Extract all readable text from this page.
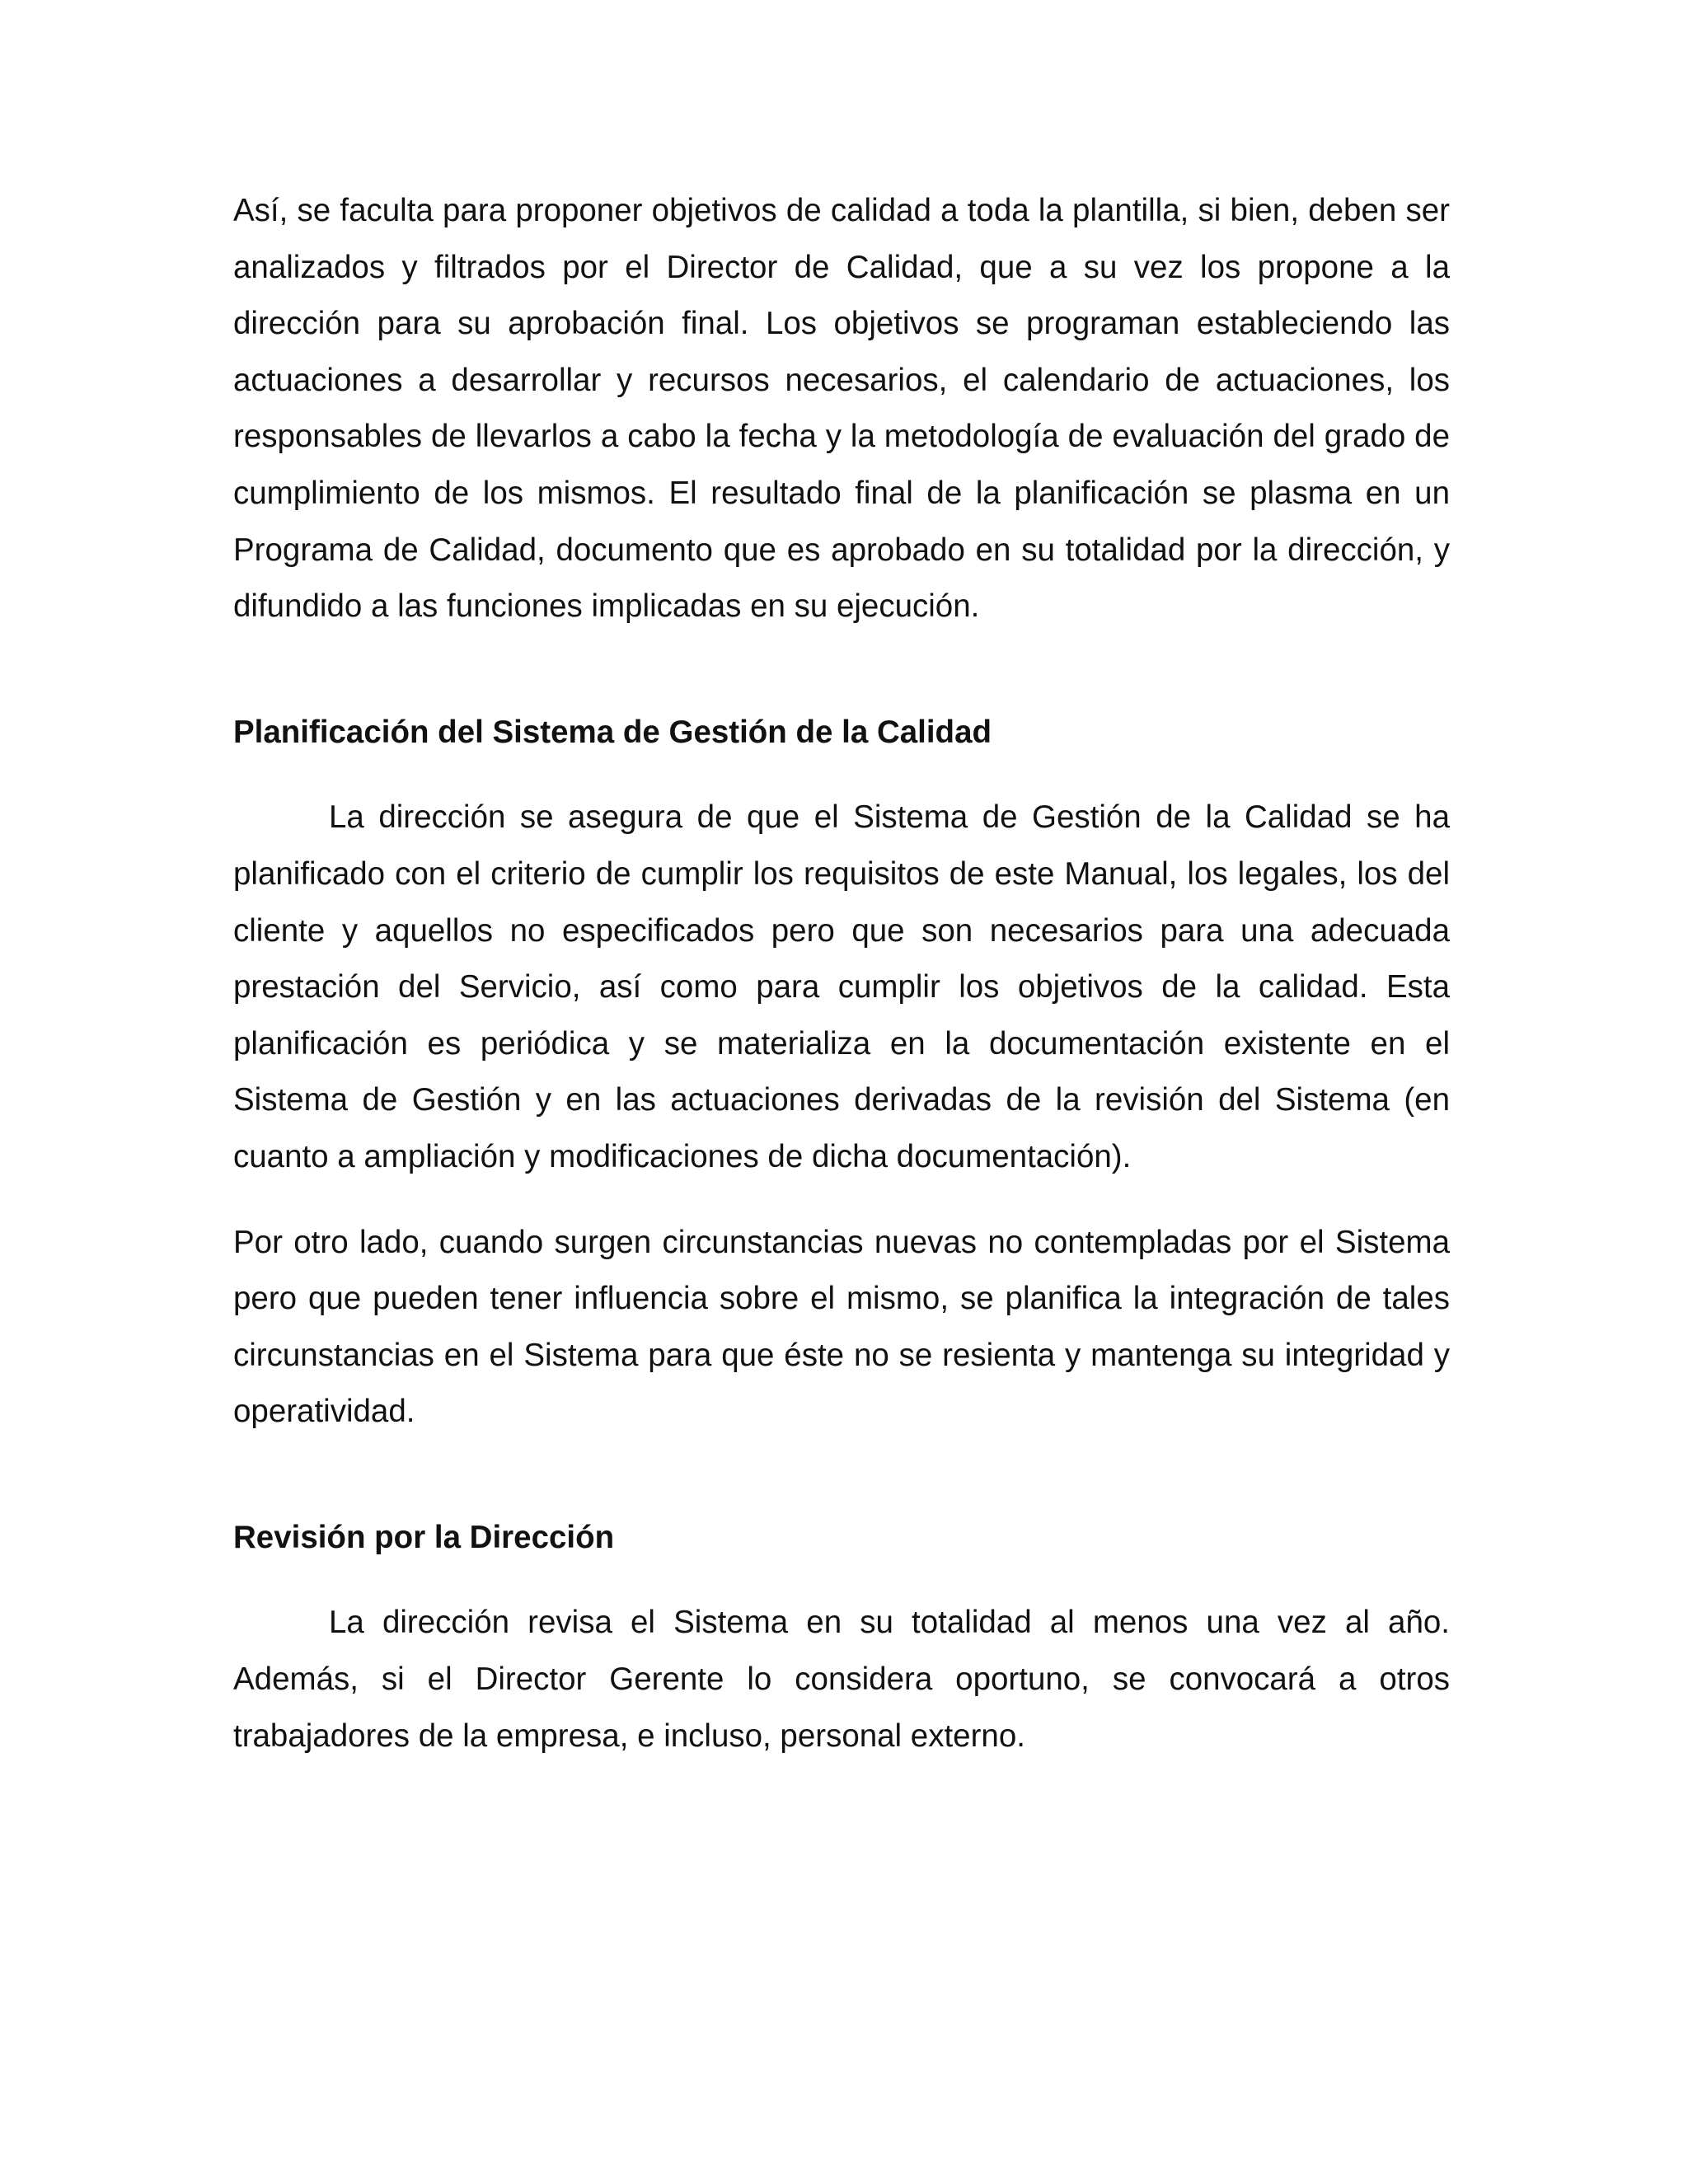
Así, se faculta para proponer objetivos de calidad a toda la plantilla, si bien, deben ser analizados y filtrados por el Director de Calidad, que a su vez los propone a la dirección para su aprobación final. Los objetivos se programan estableciendo las actuaciones a desarrollar y recursos necesarios, el calendario de actuaciones, los responsables de llevarlos a cabo la fecha y la metodología de evaluación del grado de cumplimiento de los mismos. El resultado final de la planificación se plasma en un Programa de Calidad, documento que es aprobado en su totalidad por la dirección, y difundido a las funciones implicadas en su ejecución.

Planificación del Sistema de Gestión de la Calidad

La dirección se asegura de que el Sistema de Gestión de la Calidad se ha planificado con el criterio de cumplir los requisitos de este Manual, los legales, los del cliente y aquellos no especificados pero que son necesarios para una adecuada prestación del Servicio, así como para cumplir los objetivos de la calidad. Esta planificación es periódica y se materializa en la documentación existente en el Sistema de Gestión y en las actuaciones derivadas de la revisión del Sistema (en cuanto a ampliación y modificaciones de dicha documentación).

Por otro lado, cuando surgen circunstancias nuevas no contempladas por el Sistema pero que pueden tener influencia sobre el mismo, se planifica la integración de tales circunstancias en el Sistema para que éste no se resienta y mantenga su integridad y operatividad.

Revisión por la Dirección

La dirección revisa el Sistema en su totalidad al menos una vez al año. Además, si el Director Gerente lo considera oportuno, se convocará a otros trabajadores de la empresa, e incluso, personal externo.
